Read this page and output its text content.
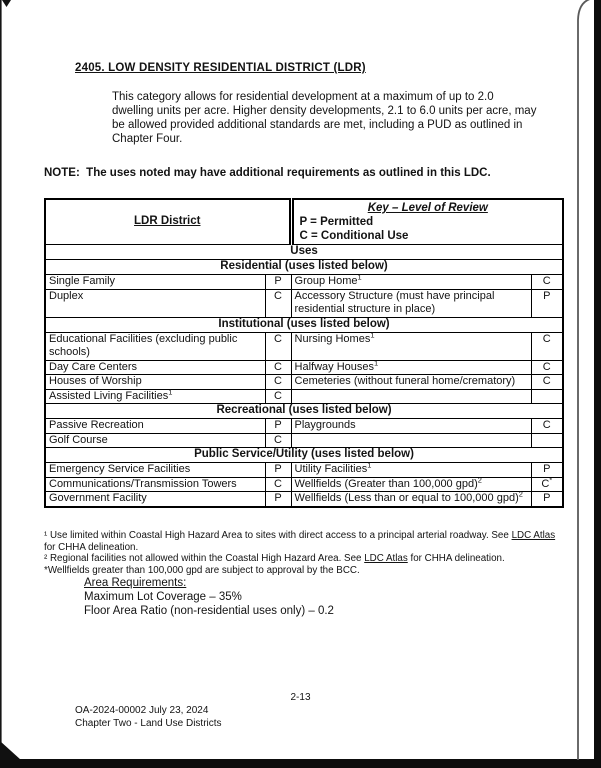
2405. LOW DENSITY RESIDENTIAL DISTRICT (LDR)
This category allows for residential development at a maximum of up to 2.0 dwelling units per acre. Higher density developments, 2.1 to 6.0 units per acre, may be allowed provided additional standards are met, including a PUD as outlined in Chapter Four.
NOTE:  The uses noted may have additional requirements as outlined in this LDC.
LDR District		Key – Level of Review
P = Permitted
C = Conditional Use	
Uses			
Residential (uses listed below)			
Single Family	P	Group Home$^1$	C
Duplex	C	Accessory Structure (must have principal residential structure in place)	P
Institutional (uses listed below)			
Educational Facilities (excluding public schools)	C	Nursing Homes$^1$	C
Day Care Centers	C	Halfway Houses$^1$	C
Houses of Worship	C	Cemeteries (without funeral home/crematory)	C
Assisted Living Facilities$^1$	C		
Recreational (uses listed below)			
Passive Recreation	P	Playgrounds	C
Golf Course	C		
Public Service/Utility (uses listed below)			
Emergency Service Facilities	P	Utility Facilities$^1$	P
Communications/Transmission Towers	C	Wellfields (Greater than 100,000 gpd)$^2$	C*
Government Facility	P	Wellfields (Less than or equal to 100,000 gpd)$^2$	P
¹ Use limited within Coastal High Hazard Area to sites with direct access to a principal arterial roadway. See LDC Atlas for CHHA delineation.
² Regional facilities not allowed within the Coastal High Hazard Area. See LDC Atlas for CHHA delineation.
*Wellfields greater than 100,000 gpd are subject to approval by the BCC.
Area Requirements:
Maximum Lot Coverage – 35%
Floor Area Ratio (non-residential uses only) – 0.2
2-13
OA-2024-00002 July 23, 2024
Chapter Two - Land Use Districts
